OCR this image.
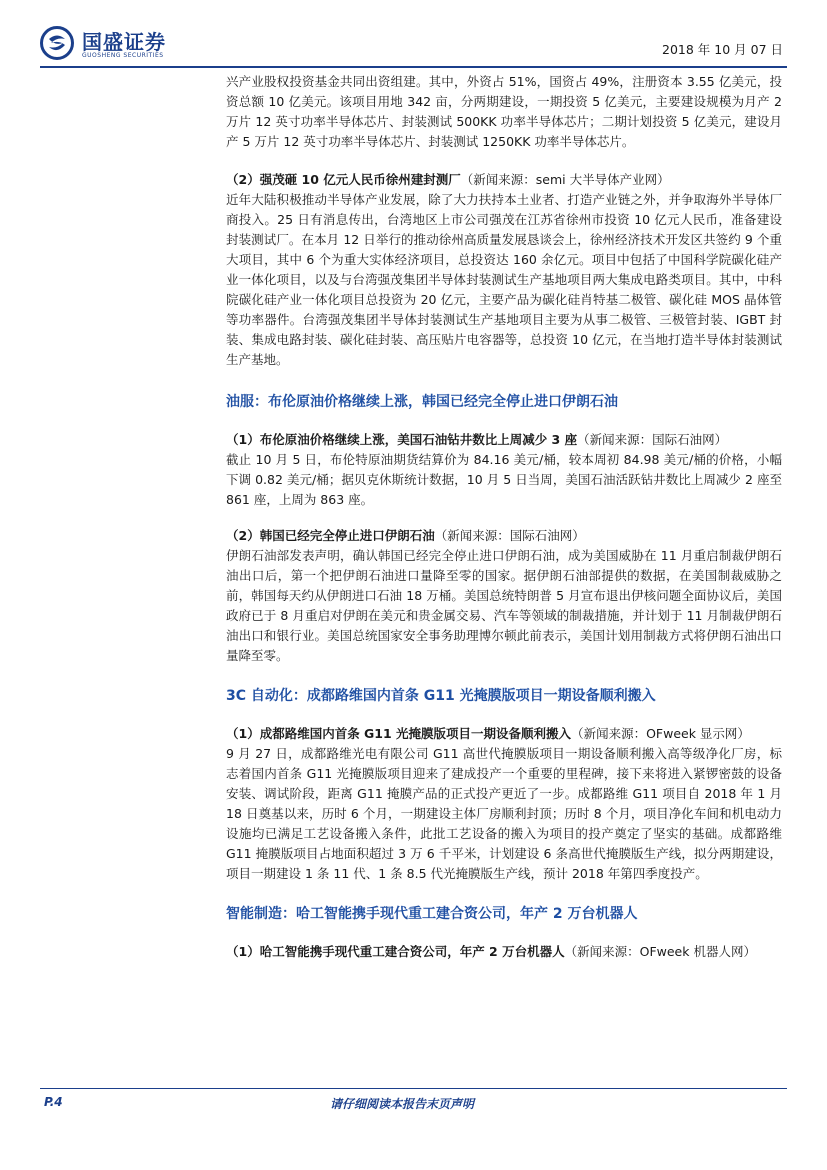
国盛证券
GUOSHENG SECURITIES	2018 年 10 月 07 日

兴产业股权投资基金共同出资组建。其中，外资占 51%，国资占 49%，注册资本 3.55 亿美元，投资总额 10 亿美元。该项目用地 342 亩，分两期建设，一期投资 5 亿美元，主要建设规模为月产 2 万片 12 英寸功率半导体芯片、封装测试 500KK 功率半导体芯片；二期计划投资 5 亿美元，建设月产 5 万片 12 英寸功率半导体芯片、封装测试 1250KK 功率半导体芯片。

（2）强茂砸 10 亿元人民币徐州建封测厂（新闻来源：semi 大半导体产业网）

近年大陆积极推动半导体产业发展，除了大力扶持本土业者、打造产业链之外，并争取海外半导体厂商投入。25 日有消息传出，台湾地区上市公司强茂在江苏省徐州市投资 10 亿元人民币，准备建设封装测试厂。在本月 12 日举行的推动徐州高质量发展恳谈会上，徐州经济技术开发区共签约 9 个重大项目，其中 6 个为重大实体经济项目，总投资达 160 余亿元。项目中包括了中国科学院碳化硅产业一体化项目，以及与台湾强茂集团半导体封装测试生产基地项目两大集成电路类项目。其中，中科院碳化硅产业一体化项目总投资为 20 亿元，主要产品为碳化硅肖特基二极管、碳化硅 MOS 晶体管等功率器件。台湾强茂集团半导体封装测试生产基地项目主要为从事二极管、三极管封装、IGBT 封装、集成电路封装、碳化硅封装、高压贴片电容器等，总投资 10 亿元，在当地打造半导体封装测试生产基地。

油服：布伦原油价格继续上涨，韩国已经完全停止进口伊朗石油

（1）布伦原油价格继续上涨，美国石油钻井数比上周减少 3 座（新闻来源：国际石油网）

截止 10 月 5 日，布伦特原油期货结算价为 84.16 美元/桶，较本周初 84.98 美元/桶的价格，小幅下调 0.82 美元/桶；据贝克休斯统计数据，10 月 5 日当周，美国石油活跃钻井数比上周减少 2 座至 861 座，上周为 863 座。

（2）韩国已经完全停止进口伊朗石油（新闻来源：国际石油网）

伊朗石油部发表声明，确认韩国已经完全停止进口伊朗石油，成为美国威胁在 11 月重启制裁伊朗石油出口后，第一个把伊朗石油进口量降至零的国家。据伊朗石油部提供的数据，在美国制裁威胁之前，韩国每天约从伊朗进口石油 18 万桶。美国总统特朗普 5 月宣布退出伊核问题全面协议后，美国政府已于 8 月重启对伊朗在美元和贵金属交易、汽车等领域的制裁措施，并计划于 11 月制裁伊朗石油出口和银行业。美国总统国家安全事务助理博尔顿此前表示，美国计划用制裁方式将伊朗石油出口量降至零。

3C 自动化：成都路维国内首条 G11 光掩膜版项目一期设备顺利搬入

（1）成都路维国内首条 G11 光掩膜版项目一期设备顺利搬入（新闻来源：OFweek 显示网）

9 月 27 日，成都路维光电有限公司 G11 高世代掩膜版项目一期设备顺利搬入高等级净化厂房，标志着国内首条 G11 光掩膜版项目迎来了建成投产一个重要的里程碑，接下来将进入紧锣密鼓的设备安装、调试阶段，距离 G11 掩膜产品的正式投产更近了一步。成都路维 G11 项目自 2018 年 1 月 18 日奠基以来，历时 6 个月，一期建设主体厂房顺利封顶；历时 8 个月，项目净化车间和机电动力设施均已满足工艺设备搬入条件，此批工艺设备的搬入为项目的投产奠定了坚实的基础。成都路维 G11 掩膜版项目占地面积超过 3 万 6 千平米，计划建设 6 条高世代掩膜版生产线，拟分两期建设，项目一期建设 1 条 11 代、1 条 8.5 代光掩膜版生产线，预计 2018 年第四季度投产。

智能制造：哈工智能携手现代重工建合资公司，年产 2 万台机器人

（1）哈工智能携手现代重工建合资公司，年产 2 万台机器人（新闻来源：OFweek 机器人网）

P.4	请仔细阅读本报告末页声明
